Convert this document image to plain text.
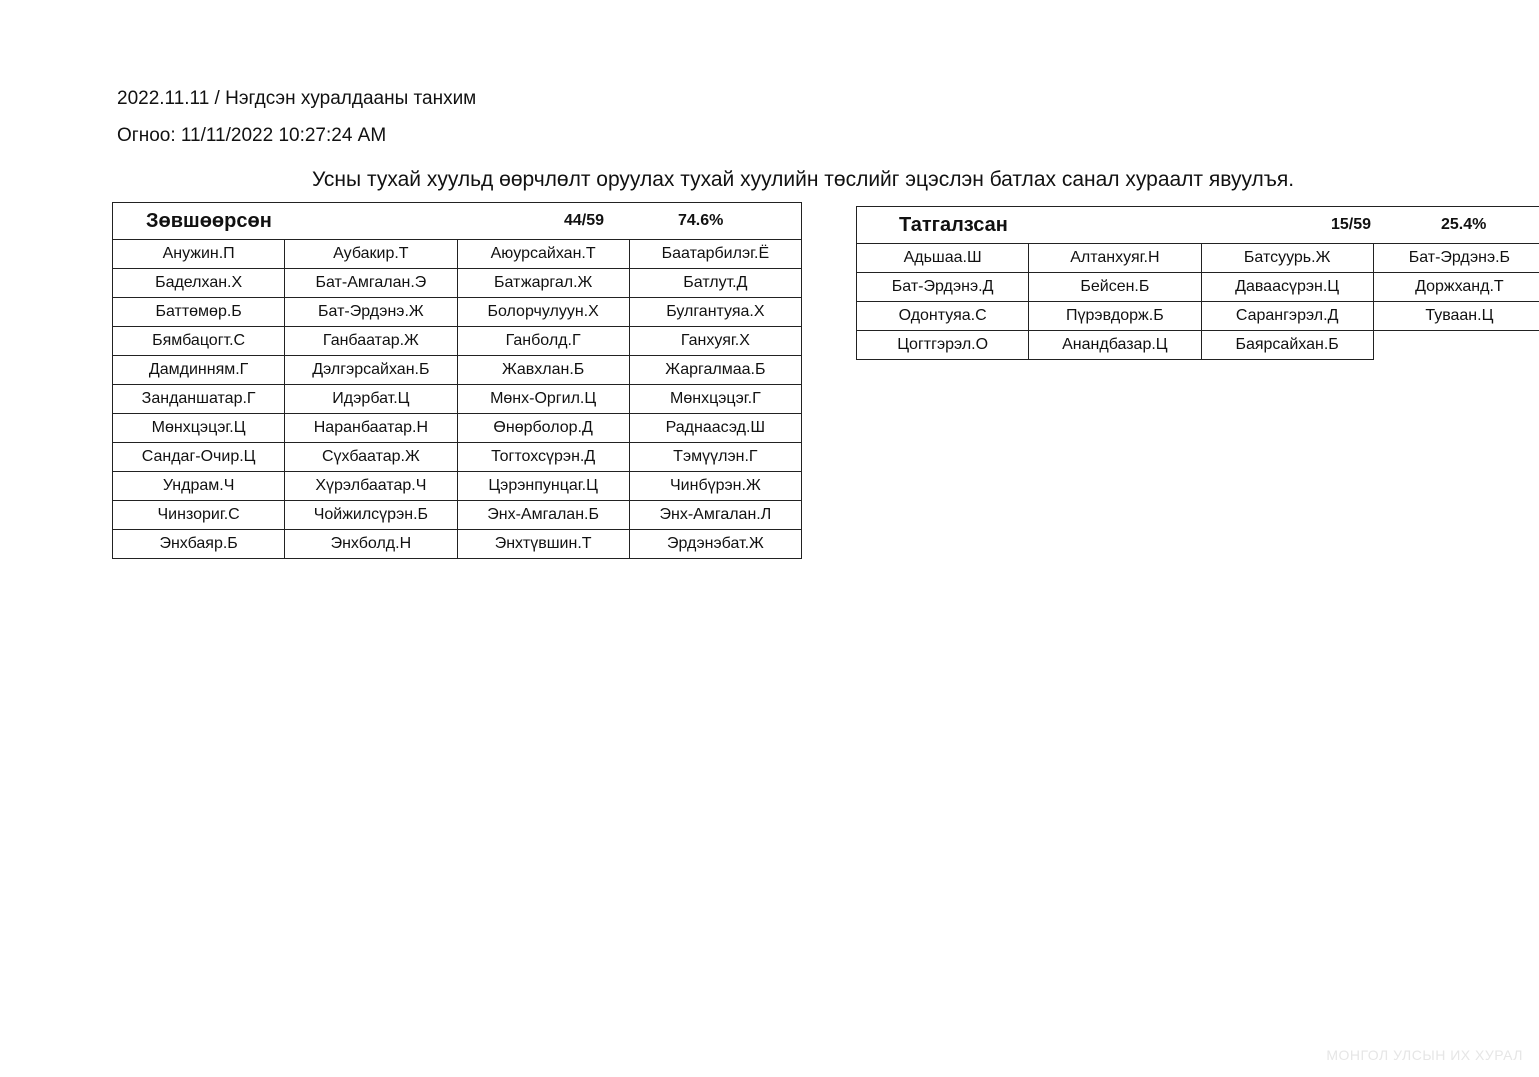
2022.11.11 / Нэгдсэн хуралдааны танхим
Огноо: 11/11/2022 10:27:24 AM
Усны тухай хуульд өөрчлөлт оруулах тухай хуулийн төслийг эцэслэн батлах санал хураалт явуулъя.
Зөвшөөрсөн 44/59 74.6%			

Анужин.П	Аубакир.Т	Аюурсайхан.Т	Баатарбилэг.Ё
Баделхан.Х	Бат-Амгалан.Э	Батжаргал.Ж	Батлут.Д
Баттөмөр.Б	Бат-Эрдэнэ.Ж	Болорчулуун.Х	Булгантуяа.Х
Бямбацогт.С	Ганбаатар.Ж	Ганболд.Г	Ганхуяг.Х
Дамдинням.Г	Дэлгэрсайхан.Б	Жавхлан.Б	Жаргалмаа.Б
Занданшатар.Г	Идэрбат.Ц	Мөнх-Оргил.Ц	Мөнхцэцэг.Г
Мөнхцэцэг.Ц	Наранбаатар.Н	Өнөрболор.Д	Раднаасэд.Ш
Сандаг-Очир.Ц	Сүхбаатар.Ж	Тогтохсүрэн.Д	Тэмүүлэн.Г
Ундрам.Ч	Хүрэлбаатар.Ч	Цэрэнпунцаг.Ц	Чинбүрэн.Ж
Чинзориг.С	Чойжилсүрэн.Б	Энх-Амгалан.Б	Энх-Амгалан.Л
Энхбаяр.Б	Энхболд.Н	Энхтүвшин.Т	Эрдэнэбат.Ж
Татгалзсан 15/59 25.4%			

Адьшаа.Ш	Алтанхуяг.Н	Батсуурь.Ж	Бат-Эрдэнэ.Б
Бат-Эрдэнэ.Д	Бейсен.Б	Даваасүрэн.Ц	Доржханд.Т
Одонтуяа.С	Пүрэвдорж.Б	Сарангэрэл.Д	Туваан.Ц
Цогтгэрэл.О	Анандбазар.Ц	Баярсайхан.Б	
МОНГОЛ УЛСЫН ИХ ХУРАЛ
